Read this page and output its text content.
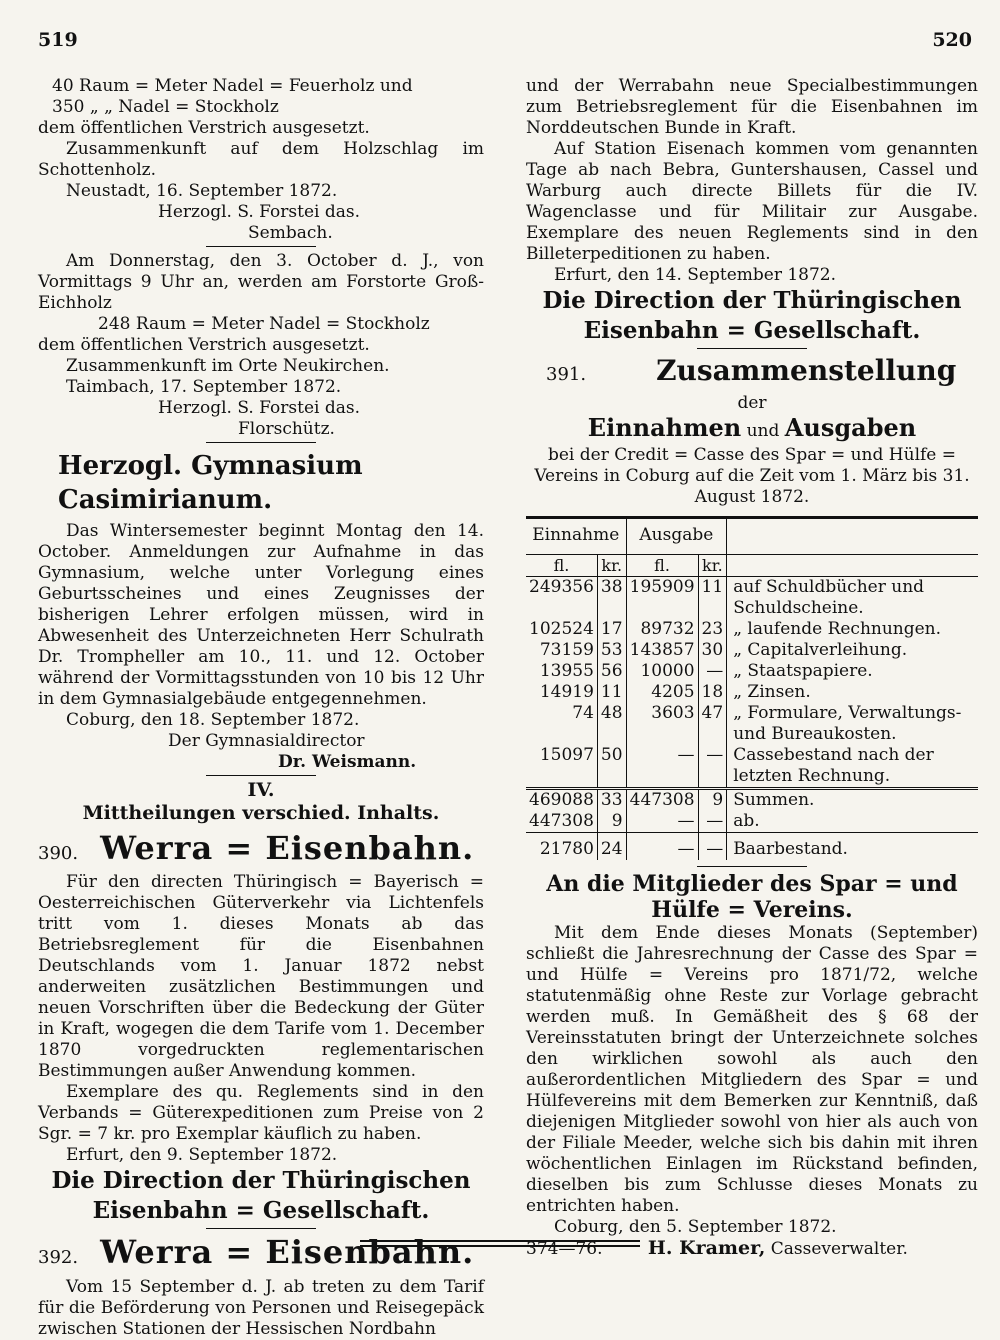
519	520

40 Raum = Meter Nadel = Feuerholz und

350 „ „ Nadel = Stockholz

dem öffentlichen Verstrich ausgesetzt.

Zusammenkunft auf dem Holzschlag im Schottenholz.

Neustadt, 16. September 1872.

Herzogl. S. Forstei das.

Sembach.

Am Donnerstag, den 3. October d. J., von Vormittags 9 Uhr an, werden am Forstorte Groß-Eichholz

248 Raum = Meter Nadel = Stockholz

dem öffentlichen Verstrich ausgesetzt.

Zusammenkunft im Orte Neukirchen.

Taimbach, 17. September 1872.

Herzogl. S. Forstei das.

Florschütz.

Herzogl. Gymnasium Casimirianum.

Das Wintersemester beginnt Montag den 14. October. Anmeldungen zur Aufnahme in das Gymnasium, welche unter Vorlegung eines Geburtsscheines und eines Zeugnisses der bisherigen Lehrer erfolgen müssen, wird in Abwesenheit des Unterzeichneten Herr Schulrath Dr. Trompheller am 10., 11. und 12. October während der Vormittagsstunden von 10 bis 12 Uhr in dem Gymnasialgebäude entgegennehmen.

Coburg, den 18. September 1872.

Der Gymnasialdirector

Dr. Weismann.

IV.
Mittheilungen verschied. Inhalts.
390. Werra = Eisenbahn.

Für den directen Thüringisch = Bayerisch = Oesterreichischen Güterverkehr via Lichtenfels tritt vom 1. dieses Monats ab das Betriebsreglement für die Eisenbahnen Deutschlands vom 1. Januar 1872 nebst anderweiten zusätzlichen Bestimmungen und neuen Vorschriften über die Bedeckung der Güter in Kraft, wogegen die dem Tarife vom 1. December 1870 vorgedruckten reglementarischen Bestimmungen außer Anwendung kommen.

Exemplare des qu. Reglements sind in den Verbands = Güterexpeditionen zum Preise von 2 Sgr. = 7 kr. pro Exemplar käuflich zu haben.

Erfurt, den 9. September 1872.

Die Direction der Thüringischen
Eisenbahn = Gesellschaft.
392. Werra = Eisenbahn.

Vom 15 September d. J. ab treten zu dem Tarif für die Beförderung von Personen und Reisegepäck zwischen Stationen der Hessischen Nordbahn

und der Werrabahn neue Specialbestimmungen zum Betriebsreglement für die Eisenbahnen im Norddeutschen Bunde in Kraft.

Auf Station Eisenach kommen vom genannten Tage ab nach Bebra, Guntershausen, Cassel und Warburg auch directe Billets für die IV. Wagenclasse und für Militair zur Ausgabe. Exemplare des neuen Reglements sind in den Billeterpeditionen zu haben.

Erfurt, den 14. September 1872.

Die Direction der Thüringischen
Eisenbahn = Gesellschaft.
391.	Zusammenstellung
der
Einnahmen und Ausgaben

bei der Credit = Casse des Spar = und Hülfe = Vereins in Coburg auf die Zeit vom 1. März bis 31. August 1872.

Einnahme		Ausgabe		
fl.	kr.	fl.	kr.	
249356	38	195909	11	auf Schuldbücher und Schuldscheine.
102524	17	89732	23	„ laufende Rechnungen.
73159	53	143857	30	„ Capitalverleihung.
13955	56	10000	—	„ Staatspapiere.
14919	11	4205	18	„ Zinsen.
74	48	3603	47	„ Formulare, Verwaltungs- und Bureaukosten.
15097	50	—	—	Cassebestand nach der letzten Rechnung.
469088	33	447308	9	Summen.
447308	9	—	—	ab.
21780	24	—	—	Baarbestand.
An die Mitglieder des Spar = und
Hülfe = Vereins.

Mit dem Ende dieses Monats (September) schließt die Jahresrechnung der Casse des Spar = und Hülfe = Vereins pro 1871/72, welche statutenmäßig ohne Reste zur Vorlage gebracht werden muß. In Gemäßheit des § 68 der Vereinsstatuten bringt der Unterzeichnete solches den wirklichen sowohl als auch den außerordentlichen Mitgliedern des Spar = und Hülfevereins mit dem Bemerken zur Kenntniß, daß diejenigen Mitglieder sowohl von hier als auch von der Filiale Meeder, welche sich bis dahin mit ihren wöchentlichen Einlagen im Rückstand befinden, dieselben bis zum Schlusse dieses Monats zu entrichten haben.

Coburg, den 5. September 1872.

374—76. H. Kramer, Casseverwalter.
